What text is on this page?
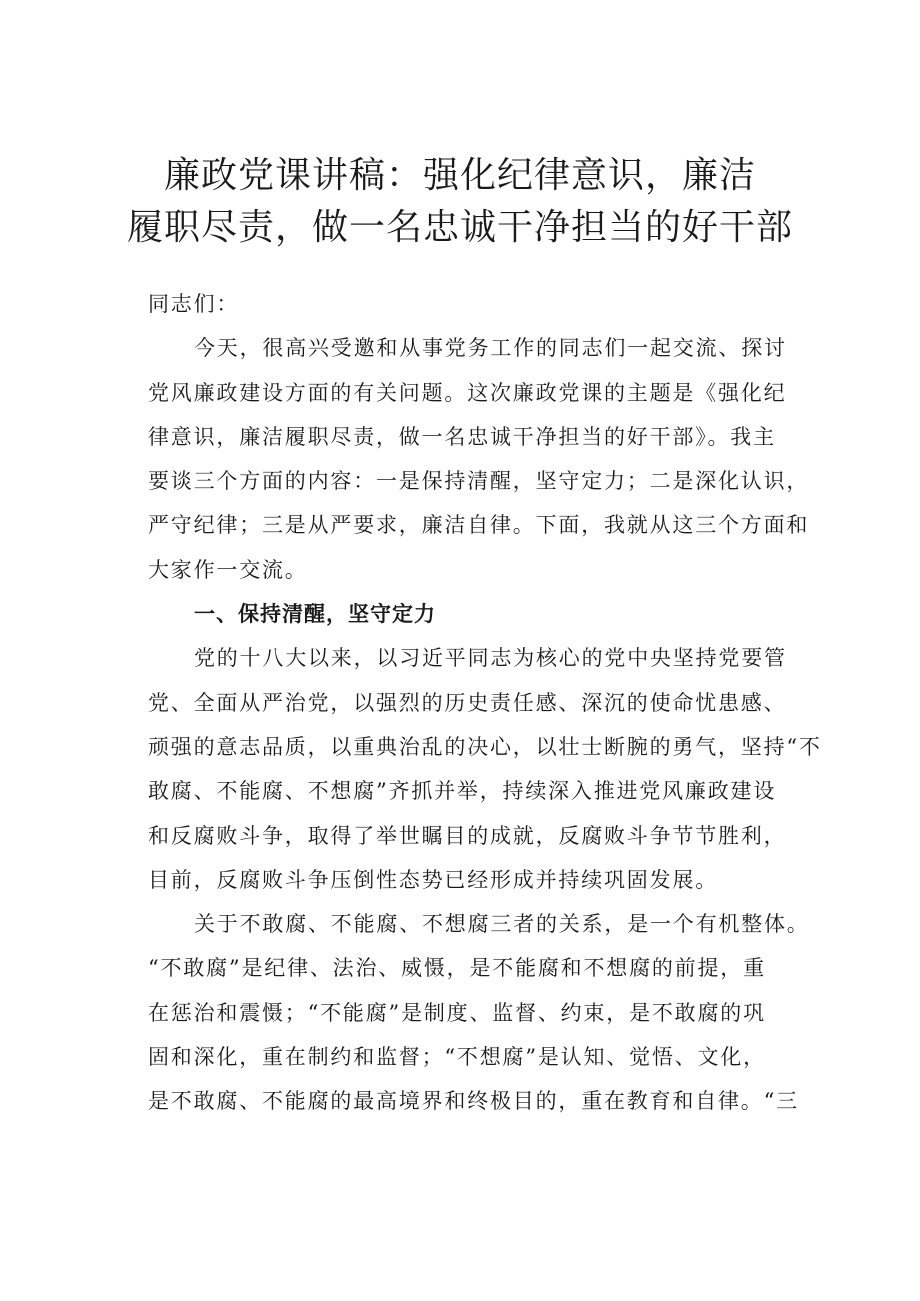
廉政党课讲稿：强化纪律意识，廉洁
履职尽责，做一名忠诚干净担当的好干部
同志们：
今天，很高兴受邀和从事党务工作的同志们一起交流、探讨
党风廉政建设方面的有关问题。这次廉政党课的主题是《强化纪
律意识，廉洁履职尽责，做一名忠诚干净担当的好干部》。我主
要谈三个方面的内容：一是保持清醒，坚守定力；二是深化认识，
严守纪律；三是从严要求，廉洁自律。下面，我就从这三个方面和
大家作一交流。
一、保持清醒，坚守定力
党的十八大以来，以习近平同志为核心的党中央坚持党要管
党、全面从严治党，以强烈的历史责任感、深沉的使命忧患感、
顽强的意志品质，以重典治乱的决心，以壮士断腕的勇气，坚持“不
敢腐、不能腐、不想腐”齐抓并举，持续深入推进党风廉政建设
和反腐败斗争，取得了举世瞩目的成就，反腐败斗争节节胜利，
目前，反腐败斗争压倒性态势已经形成并持续巩固发展。
关于不敢腐、不能腐、不想腐三者的关系，是一个有机整体。
“不敢腐”是纪律、法治、威慑，是不能腐和不想腐的前提，重
在惩治和震慑；“不能腐”是制度、监督、约束，是不敢腐的巩
固和深化，重在制约和监督；“不想腐”是认知、觉悟、文化，
是不敢腐、不能腐的最高境界和终极目的，重在教育和自律。“三
